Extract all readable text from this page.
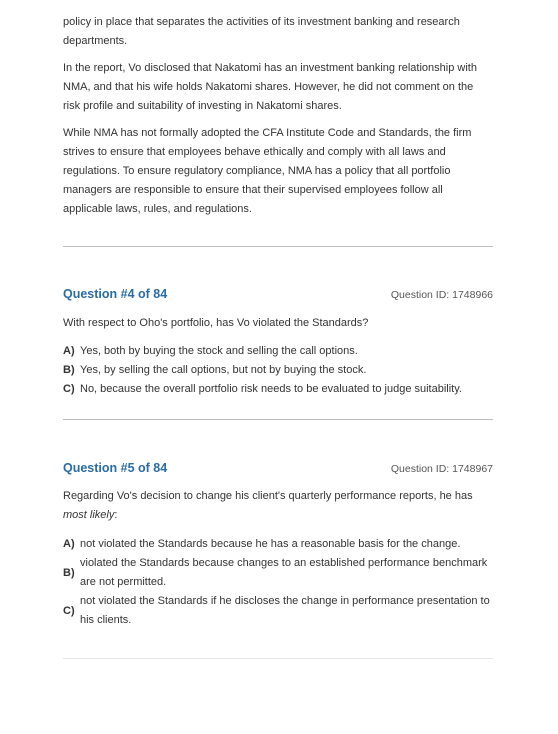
policy in place that separates the activities of its investment banking and research departments.

In the report, Vo disclosed that Nakatomi has an investment banking relationship with NMA, and that his wife holds Nakatomi shares. However, he did not comment on the risk profile and suitability of investing in Nakatomi shares.

While NMA has not formally adopted the CFA Institute Code and Standards, the firm strives to ensure that employees behave ethically and comply with all laws and regulations. To ensure regulatory compliance, NMA has a policy that all portfolio managers are responsible to ensure that their supervised employees follow all applicable laws, rules, and regulations.

Question #4 of 84	Question ID: 1748966

With respect to Oho's portfolio, has Vo violated the Standards?

A) Yes, both by buying the stock and selling the call options.
B) Yes, by selling the call options, but not by buying the stock.
C) No, because the overall portfolio risk needs to be evaluated to judge suitability.
Question #5 of 84	Question ID: 1748967

Regarding Vo's decision to change his client's quarterly performance reports, he has most likely:

A) not violated the Standards because he has a reasonable basis for the change.
B)
violated the Standards because changes to an established performance benchmark are not permitted.
C)
not violated the Standards if he discloses the change in performance presentation to his clients.
